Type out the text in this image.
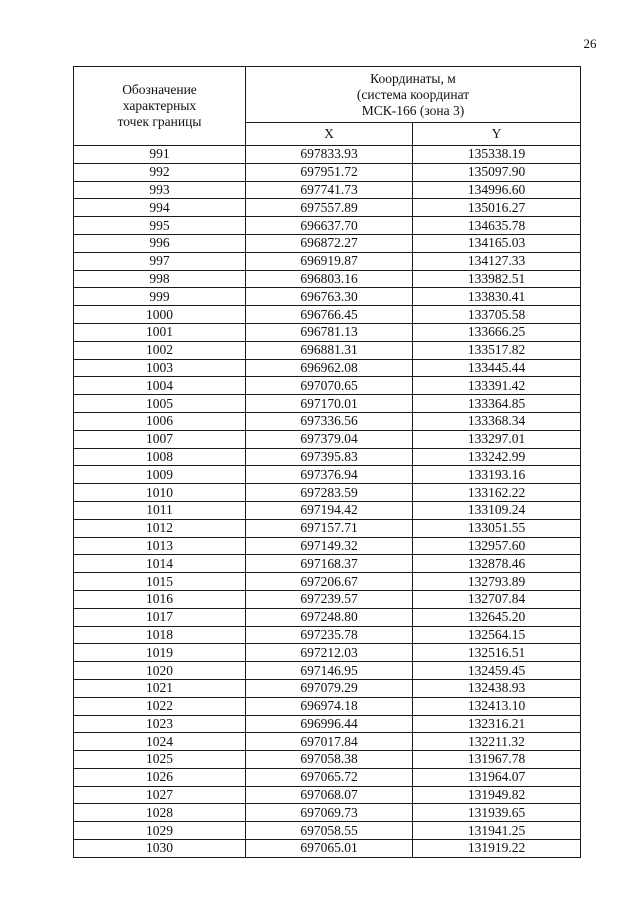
26
Обозначение
характерных
точек границы	Координаты, м
(система координат
МСК-166 (зона 3)	

	X	Y
991	697833.93	135338.19
992	697951.72	135097.90
993	697741.73	134996.60
994	697557.89	135016.27
995	696637.70	134635.78
996	696872.27	134165.03
997	696919.87	134127.33
998	696803.16	133982.51
999	696763.30	133830.41
1000	696766.45	133705.58
1001	696781.13	133666.25
1002	696881.31	133517.82
1003	696962.08	133445.44
1004	697070.65	133391.42
1005	697170.01	133364.85
1006	697336.56	133368.34
1007	697379.04	133297.01
1008	697395.83	133242.99
1009	697376.94	133193.16
1010	697283.59	133162.22
1011	697194.42	133109.24
1012	697157.71	133051.55
1013	697149.32	132957.60
1014	697168.37	132878.46
1015	697206.67	132793.89
1016	697239.57	132707.84
1017	697248.80	132645.20
1018	697235.78	132564.15
1019	697212.03	132516.51
1020	697146.95	132459.45
1021	697079.29	132438.93
1022	696974.18	132413.10
1023	696996.44	132316.21
1024	697017.84	132211.32
1025	697058.38	131967.78
1026	697065.72	131964.07
1027	697068.07	131949.82
1028	697069.73	131939.65
1029	697058.55	131941.25
1030	697065.01	131919.22
